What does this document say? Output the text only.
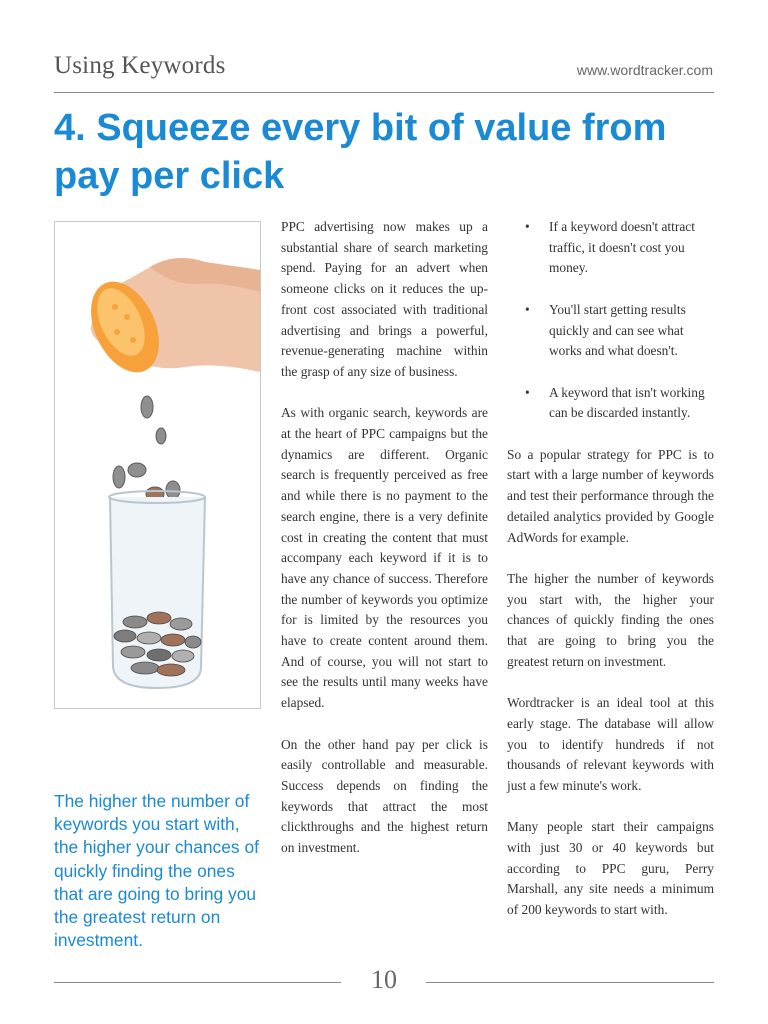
Using Keywords	www.wordtracker.com
4. Squeeze every bit of value from pay per click
The higher the number of keywords you start with, the higher your chances of quickly finding the ones that are going to bring you the greatest return on investment.

PPC advertising now makes up a substantial share of search marketing spend. Paying for an advert when someone clicks on it reduces the up-front cost associated with traditional advertising and brings a powerful, revenue-generating machine within the grasp of any size of business.

As with organic search, keywords are at the heart of PPC campaigns but the dynamics are different. Organic search is frequently perceived as free and while there is no payment to the search engine, there is a very definite cost in creating the content that must accompany each keyword if it is to have any chance of success. Therefore the number of keywords you optimize for is limited by the resources you have to create content around them. And of course, you will not start to see the results until many weeks have elapsed.

On the other hand pay per click is easily controllable and measurable. Success depends on finding the keywords that attract the most clickthroughs and the highest return on investment.

• If a keyword doesn't attract traffic, it doesn't cost you money.
• You'll start getting results quickly and can see what works and what doesn't.
• A keyword that isn't working can be discarded instantly.

So a popular strategy for PPC is to start with a large number of keywords and test their performance through the detailed analytics provided by Google AdWords for example.

The higher the number of keywords you start with, the higher your chances of quickly finding the ones that are going to bring you the greatest return on investment.

Wordtracker is an ideal tool at this early stage. The database will allow you to identify hundreds if not thousands of relevant keywords with just a few minute's work.

Many people start their campaigns with just 30 or 40 keywords but according to PPC guru, Perry Marshall, any site needs a minimum of 200 keywords to start with.

10
